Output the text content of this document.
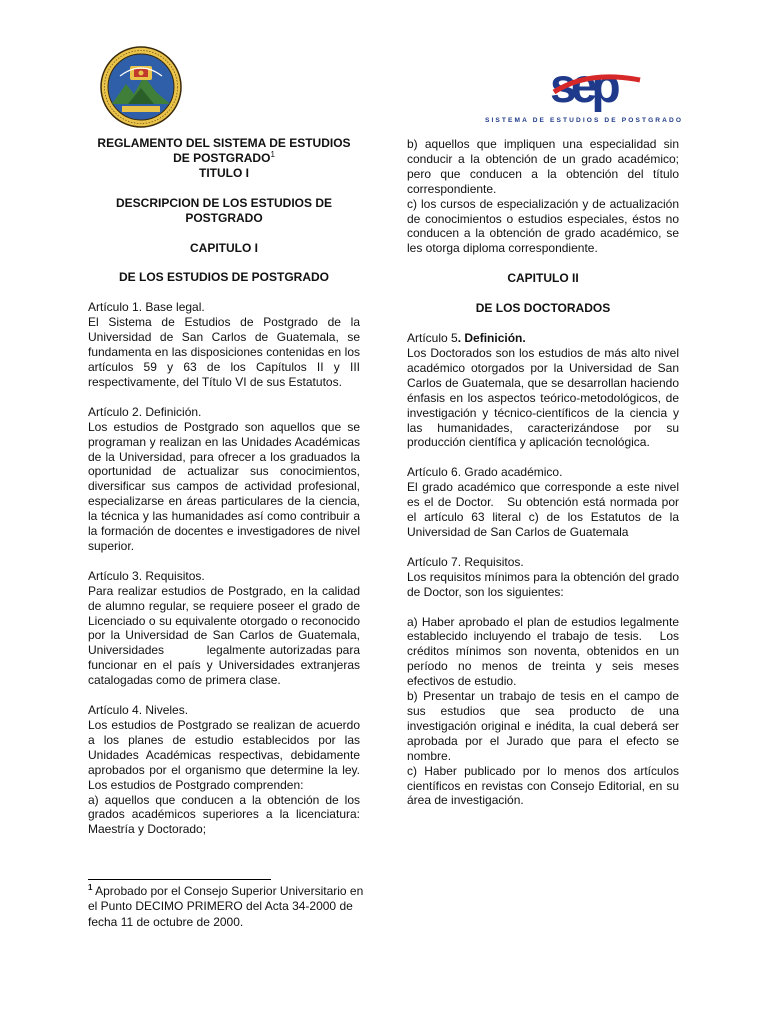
sep
SISTEMA DE ESTUDIOS DE POSTGRADO
REGLAMENTO DEL SISTEMA DE ESTUDIOS
DE POSTGRADO$^1$
TITULO I
DESCRIPCION DE LOS ESTUDIOS DE
POSTGRADO
CAPITULO I
DE LOS ESTUDIOS DE POSTGRADO
Artículo 1. Base legal.
El Sistema de Estudios de Postgrado de la Universidad de San Carlos de Guatemala, se fundamenta en las disposiciones contenidas en los artículos 59 y 63 de los Capítulos II y III respectivamente, del Título VI de sus Estatutos.
Artículo 2. Definición.
Los estudios de Postgrado son aquellos que se programan y realizan en las Unidades Académicas de la Universidad, para ofrecer a los graduados la oportunidad de actualizar sus conocimientos, diversificar sus campos de actividad profesional, especializarse en áreas particulares de la ciencia, la técnica y las humanidades así como contribuir a la formación de docentes e investigadores de nivel superior.
Artículo 3. Requisitos.
Para realizar estudios de Postgrado, en la calidad de alumno regular, se requiere poseer el grado de Licenciado o su equivalente otorgado o reconocido por la Universidad de San Carlos de Guatemala,          Universidades          legalmente autorizadas para funcionar en el país y Universidades extranjeras catalogadas como de primera clase.
Artículo 4. Niveles.
Los estudios de Postgrado se realizan de acuerdo a los planes de estudio establecidos por las Unidades Académicas respectivas, debidamente aprobados por el organismo que determine la ley. Los estudios de Postgrado comprenden:
a) aquellos que conducen a la obtención de los grados académicos superiores a la licenciatura: Maestría y Doctorado;
b) aquellos que impliquen una especialidad sin conducir a la obtención de un grado académico; pero que conducen a la obtención del título correspondiente.
c) los cursos de especialización y de actualización de conocimientos o estudios especiales, éstos no conducen a la obtención de grado académico, se les otorga diploma correspondiente.
CAPITULO II
DE LOS DOCTORADOS
Artículo 5. Definición.
Los Doctorados son los estudios de más alto nivel académico otorgados por la Universidad de San Carlos de Guatemala, que se desarrollan haciendo énfasis en los aspectos teórico-metodológicos, de investigación y técnico-científicos de la ciencia y las humanidades, caracterizándose por su producción científica y aplicación tecnológica.
Artículo 6. Grado académico.
El grado académico que corresponde a este nivel es el de Doctor.   Su obtención está normada por el artículo 63 literal c) de los Estatutos de la Universidad de San Carlos de Guatemala
Artículo 7. Requisitos.
Los requisitos mínimos para la obtención del grado de Doctor, son los siguientes:
a) Haber aprobado el plan de estudios legalmente establecido incluyendo el trabajo de tesis.   Los créditos mínimos son noventa, obtenidos en un período no menos de treinta y seis meses efectivos de estudio.
b) Presentar un trabajo de tesis en el campo de sus estudios que sea producto de una investigación original e inédita, la cual deberá ser aprobada por el Jurado que para el efecto se nombre.
c) Haber publicado por lo menos dos artículos científicos en revistas con Consejo Editorial, en su área de investigación.
$^1$ Aprobado por el Consejo Superior Universitario en el Punto DECIMO PRIMERO del Acta 34-2000 de fecha 11 de octubre de 2000.
